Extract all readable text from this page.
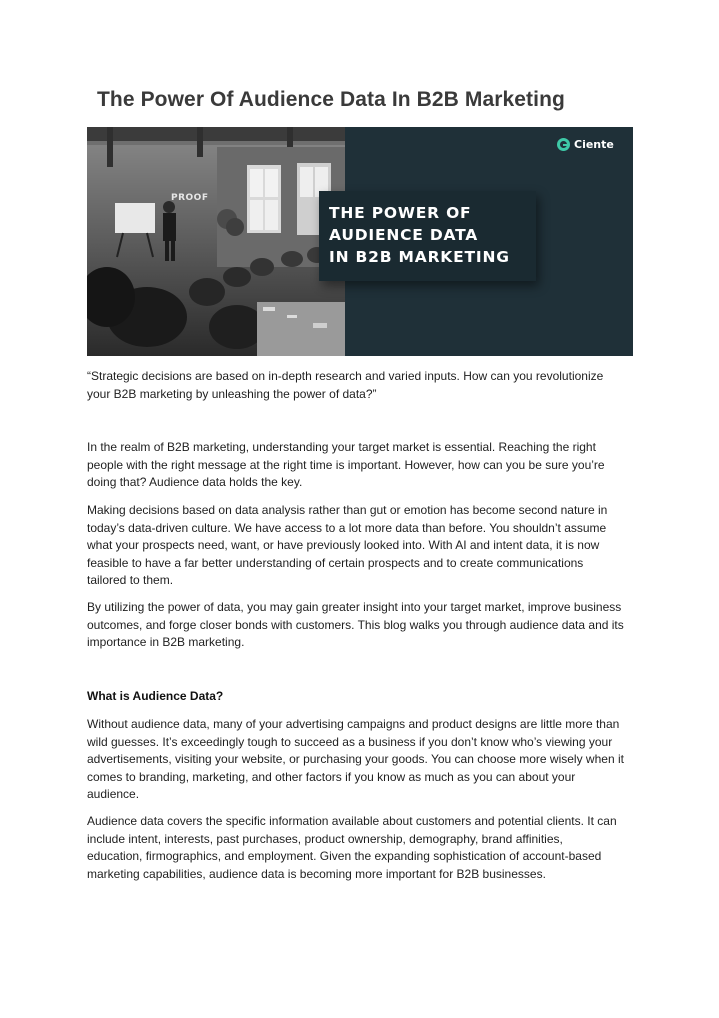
The Power Of Audience Data In B2B Marketing
PROOF
Ciente

THE POWER OF

AUDIENCE DATA

IN B2B MARKETING

“Strategic decisions are based on in-depth research and varied inputs. How can you revolutionize
your B2B marketing by unleashing the power of data?”

In the realm of B2B marketing, understanding your target market is essential. Reaching the right
people with the right message at the right time is important. However, how can you be sure you’re
doing that? Audience data holds the key.

Making decisions based on data analysis rather than gut or emotion has become second nature in
today’s data-driven culture. We have access to a lot more data than before. You shouldn’t assume
what your prospects need, want, or have previously looked into. With AI and intent data, it is now
feasible to have a far better understanding of certain prospects and to create communications
tailored to them.

By utilizing the power of data, you may gain greater insight into your target market, improve business
outcomes, and forge closer bonds with customers. This blog walks you through audience data and its
importance in B2B marketing.

What is Audience Data?

Without audience data, many of your advertising campaigns and product designs are little more than
wild guesses. It’s exceedingly tough to succeed as a business if you don’t know who’s viewing your
advertisements, visiting your website, or purchasing your goods. You can choose more wisely when it
comes to branding, marketing, and other factors if you know as much as you can about your
audience.

Audience data covers the specific information available about customers and potential clients. It can
include intent, interests, past purchases, product ownership, demography, brand affinities,
education, firmographics, and employment. Given the expanding sophistication of account-based
marketing capabilities, audience data is becoming more important for B2B businesses.
